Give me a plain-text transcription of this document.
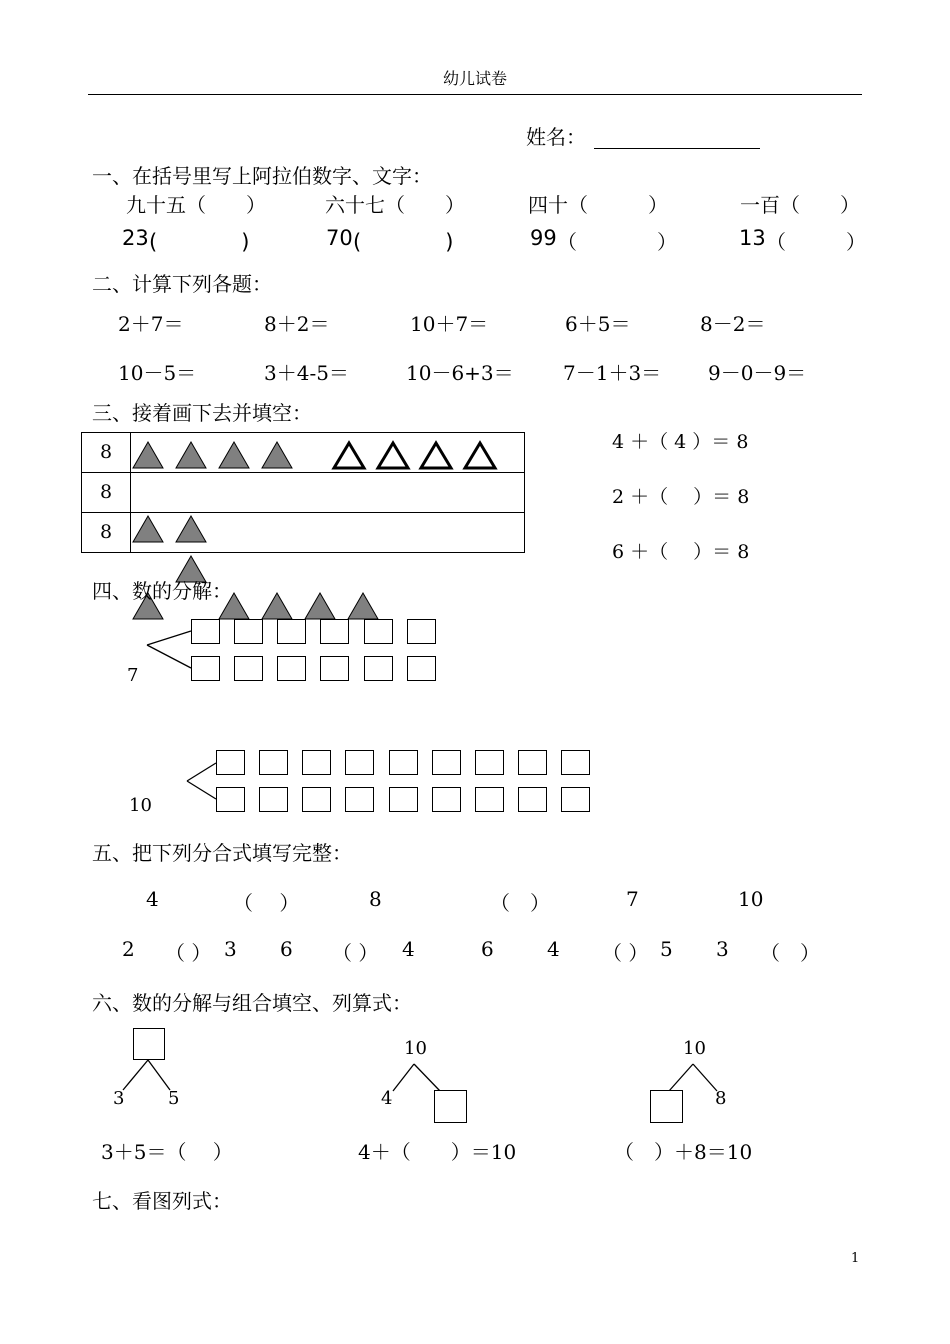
幼儿试卷
姓名：
一、在括号里写上阿拉伯数字、文字：
九十五（　　）	六十七（　　）	四十（　　　）	一百（　　）
23 (　　　　)	70 (　　　　)	99 （　　　　）	13 （　　　）
二、计算下列各题：
2＋7＝	8＋2＝	10＋7＝	6＋5＝	8－2＝
10－5＝	3＋4-5＝	10－6+3＝ 7－1＋3＝ 9－0－9＝
三、接着画下去并填空：
8
8
8
4 ＋（ 4 ）＝ 8
2 ＋（　 ）＝ 8
6 ＋（　 ）＝ 8
四、数的分解：
7
10
五、把下列分合式填写完整：
4	（　 ）	8	（　）	7	10
2 （ ） 3 6 （ ） 4	6	4 （ ） 5 3 （　）
六、数的分解与组合填空、列算式：
3 5
10
4
10
8
3＋5＝（　 ）	4＋（　　）＝10	（　）＋8＝10
七、看图列式：
1
